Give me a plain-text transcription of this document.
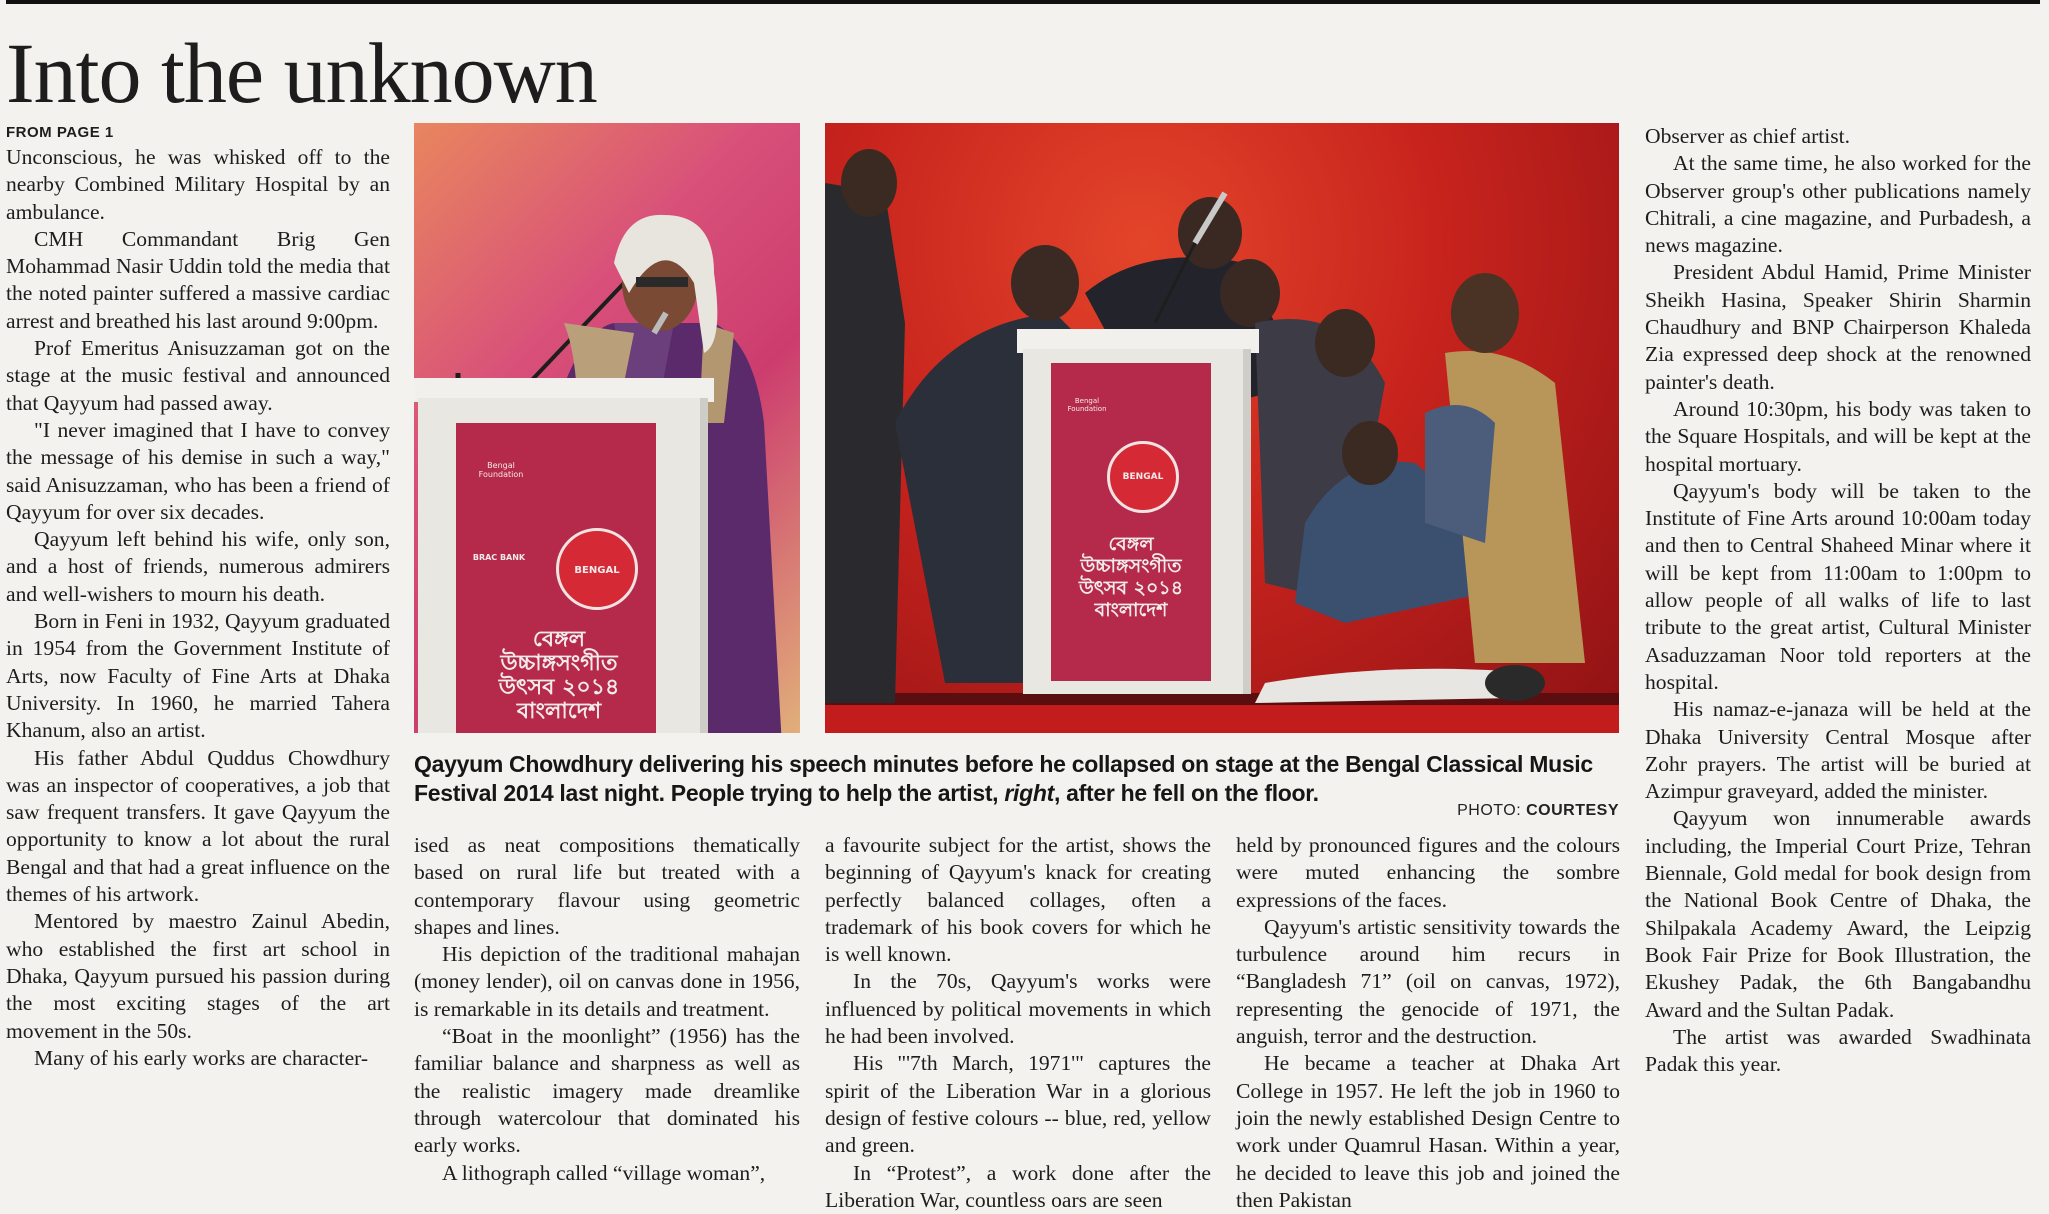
Into the unknown
FROM PAGE 1

Unconscious, he was whisked off to the nearby Combined Military Hospital by an ambulance.

CMH Commandant Brig Gen Mohammad Nasir Uddin told the media that the noted painter suffered a massive cardiac arrest and breathed his last around 9:00pm.

Prof Emeritus Anisuzzaman got on the stage at the music festival and announced that Qayyum had passed away.

"I never imagined that I have to convey the message of his demise in such a way," said Anisuzzaman, who has been a friend of Qayyum for over six decades.

Qayyum left behind his wife, only son, and a host of friends, numerous admirers and well-wishers to mourn his death.

Born in Feni in 1932, Qayyum graduated in 1954 from the Government Institute of Arts, now Faculty of Fine Arts at Dhaka University. In 1960, he married Tahera Khanum, also an artist.

His father Abdul Quddus Chowdhury was an inspector of cooperatives, a job that saw frequent transfers. It gave Qayyum the opportunity to know a lot about the rural Bengal and that had a great influence on the themes of his artwork.

Mentored by maestro Zainul Abedin, who established the first art school in Dhaka, Qayyum pursued his passion during the most exciting stages of the art movement in the 50s.

Many of his early works are character-

Bengal Foundation
BRAC BANK
BENGAL
বেঙ্গল উচ্চাঙ্গসংগীত উৎসব ২০১৪ বাংলাদেশ
Bengal Foundation
BENGAL
বেঙ্গল উচ্চাঙ্গসংগীত উৎসব ২০১৪ বাংলাদেশ
Qayyum Chowdhury delivering his speech minutes before he collapsed on stage at the Bengal Classical Music Festival 2014 last night. People trying to help the artist, right, after he fell on the floor.
PHOTO: COURTESY

ised as neat compositions thematically based on rural life but treated with a contemporary flavour using geometric shapes and lines.

His depiction of the traditional mahajan (money lender), oil on canvas done in 1956, is remarkable in its details and treatment.

“Boat in the moonlight” (1956) has the familiar balance and sharpness as well as the realistic imagery made dreamlike through watercolour that dominated his early works.

A lithograph called “village woman”,

a favourite subject for the artist, shows the beginning of Qayyum's knack for creating perfectly balanced collages, often a trademark of his book covers for which he is well known.

In the 70s, Qayyum's works were influenced by political movements in which he had been involved.

His "'7th March, 1971'" captures the spirit of the Liberation War in a glorious design of festive colours -- blue, red, yellow and green.

In “Protest”, a work done after the Liberation War, countless oars are seen

held by pronounced figures and the colours were muted enhancing the sombre expressions of the faces.

Qayyum's artistic sensitivity towards the turbulence around him recurs in “Bangladesh 71” (oil on canvas, 1972), representing the genocide of 1971, the anguish, terror and the destruction.

He became a teacher at Dhaka Art College in 1957. He left the job in 1960 to join the newly established Design Centre to work under Quamrul Hasan. Within a year, he decided to leave this job and joined the then Pakistan

Observer as chief artist.

At the same time, he also worked for the Observer group's other publications namely Chitrali, a cine magazine, and Purbadesh, a news magazine.

President Abdul Hamid, Prime Minister Sheikh Hasina, Speaker Shirin Sharmin Chaudhury and BNP Chairperson Khaleda Zia expressed deep shock at the renowned painter's death.

Around 10:30pm, his body was taken to the Square Hospitals, and will be kept at the hospital mortuary.

Qayyum's body will be taken to the Institute of Fine Arts around 10:00am today and then to Central Shaheed Minar where it will be kept from 11:00am to 1:00pm to allow people of all walks of life to last tribute to the great artist, Cultural Minister Asaduzzaman Noor told reporters at the hospital.

His namaz-e-janaza will be held at the Dhaka University Central Mosque after Zohr prayers. The artist will be buried at Azimpur graveyard, added the minister.

Qayyum won innumerable awards including, the Imperial Court Prize, Tehran Biennale, Gold medal for book design from the National Book Centre of Dhaka, the Shilpakala Academy Award, the Leipzig Book Fair Prize for Book Illustration, the Ekushey Padak, the 6th Bangabandhu Award and the Sultan Padak.

The artist was awarded Swadhinata Padak this year.
